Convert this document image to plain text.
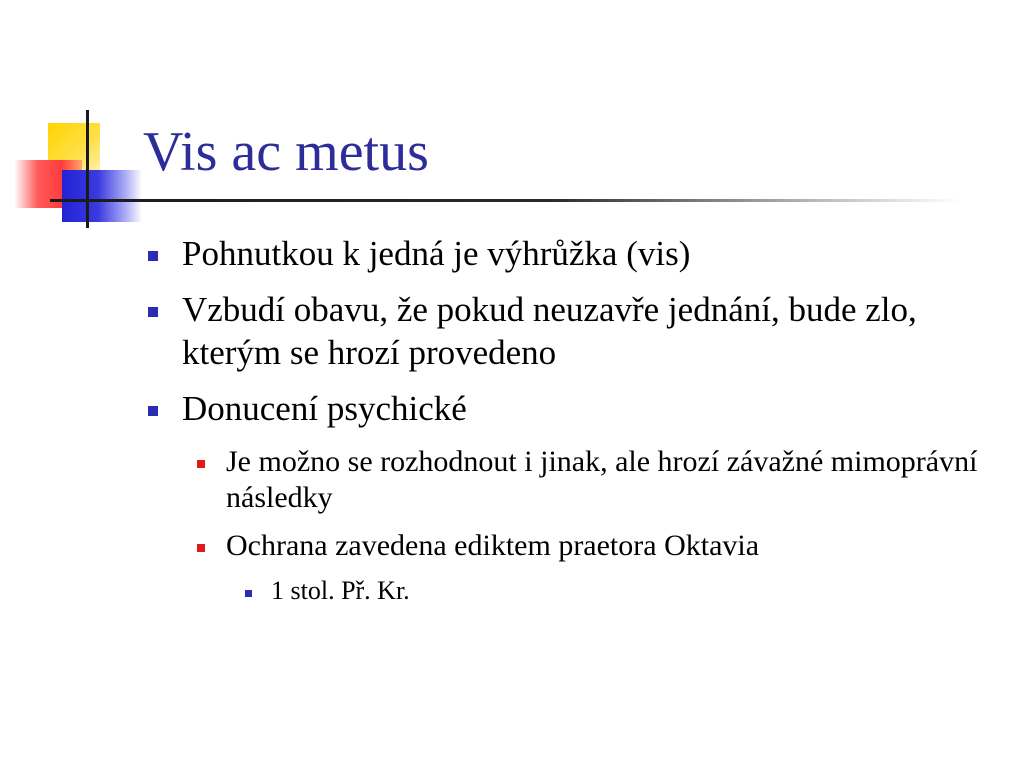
Vis ac metus
Pohnutkou k jedná je výhrůžka (vis)
Vzbudí obavu, že pokud neuzavře jednání, bude zlo, kterým se hrozí provedeno
Donucení psychické
Je možno se rozhodnout i jinak, ale hrozí závažné mimoprávní následky
Ochrana zavedena ediktem praetora Oktavia
1 stol. Př. Kr.
